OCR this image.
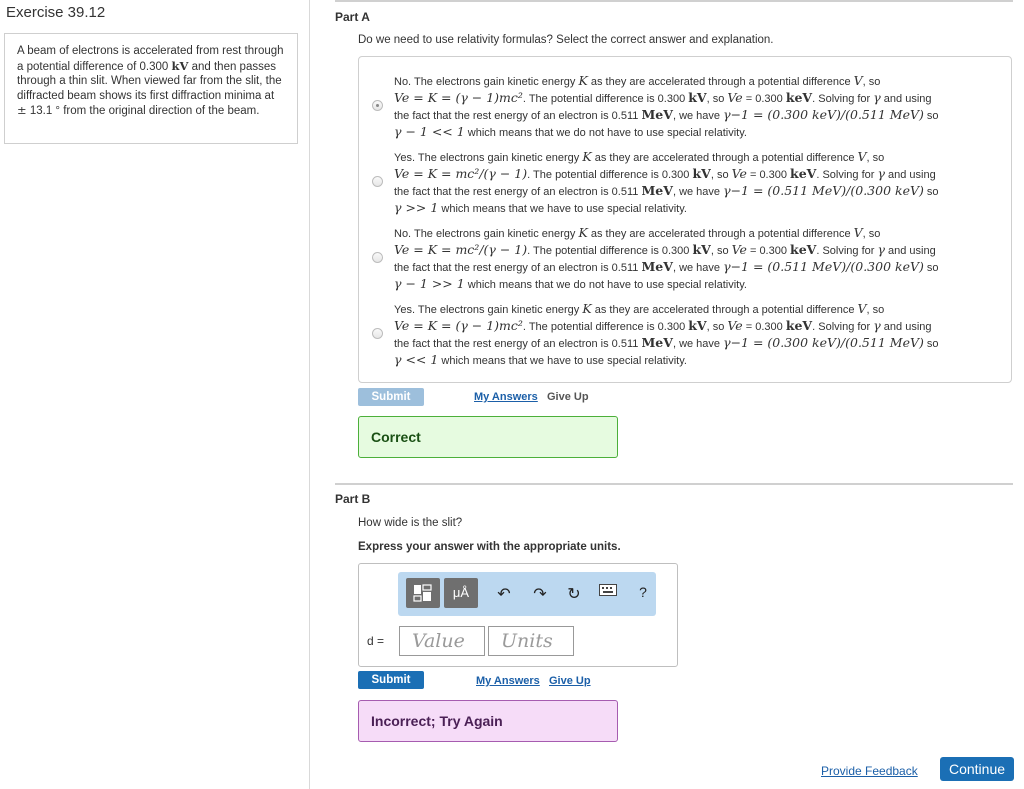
Exercise 39.12
A beam of electrons is accelerated from rest through a potential difference of 0.300 kV and then passes through a thin slit. When viewed far from the slit, the diffracted beam shows its first diffraction minima at ± 13.1 ° from the original direction of the beam.
Part A
Do we need to use relativity formulas? Select the correct answer and explanation.
No. The electrons gain kinetic energy K as they are accelerated through a potential difference V, so
Ve = K = (γ − 1)mc². The potential difference is 0.300 kV, so Ve = 0.300 keV. Solving for γ and using
the fact that the rest energy of an electron is 0.511 MeV, we have γ−1 = (0.300 keV)/(0.511 MeV) so
γ − 1 << 1 which means that we do not have to use special relativity.
Yes. The electrons gain kinetic energy K as they are accelerated through a potential difference V, so
Ve = K = mc²/(γ − 1). The potential difference is 0.300 kV, so Ve = 0.300 keV. Solving for γ and using
the fact that the rest energy of an electron is 0.511 MeV, we have γ−1 = (0.511 MeV)/(0.300 keV) so
γ >> 1 which means that we have to use special relativity.
No. The electrons gain kinetic energy K as they are accelerated through a potential difference V, so
Ve = K = mc²/(γ − 1). The potential difference is 0.300 kV, so Ve = 0.300 keV. Solving for γ and using
the fact that the rest energy of an electron is 0.511 MeV, we have γ−1 = (0.511 MeV)/(0.300 keV) so
γ − 1 >> 1 which means that we do not have to use special relativity.
Yes. The electrons gain kinetic energy K as they are accelerated through a potential difference V, so
Ve = K = (γ − 1)mc². The potential difference is 0.300 kV, so Ve = 0.300 keV. Solving for γ and using
the fact that the rest energy of an electron is 0.511 MeV, we have γ−1 = (0.300 keV)/(0.511 MeV) so
γ << 1 which means that we have to use special relativity.
Submit	My Answers Give Up
Correct
Part B
How wide is the slit?
Express your answer with the appropriate units.
μÅ	↶ ↷ ↻	?
d =	Value	Units
Submit	My Answers Give Up
Incorrect; Try Again
Provide Feedback	Continue
